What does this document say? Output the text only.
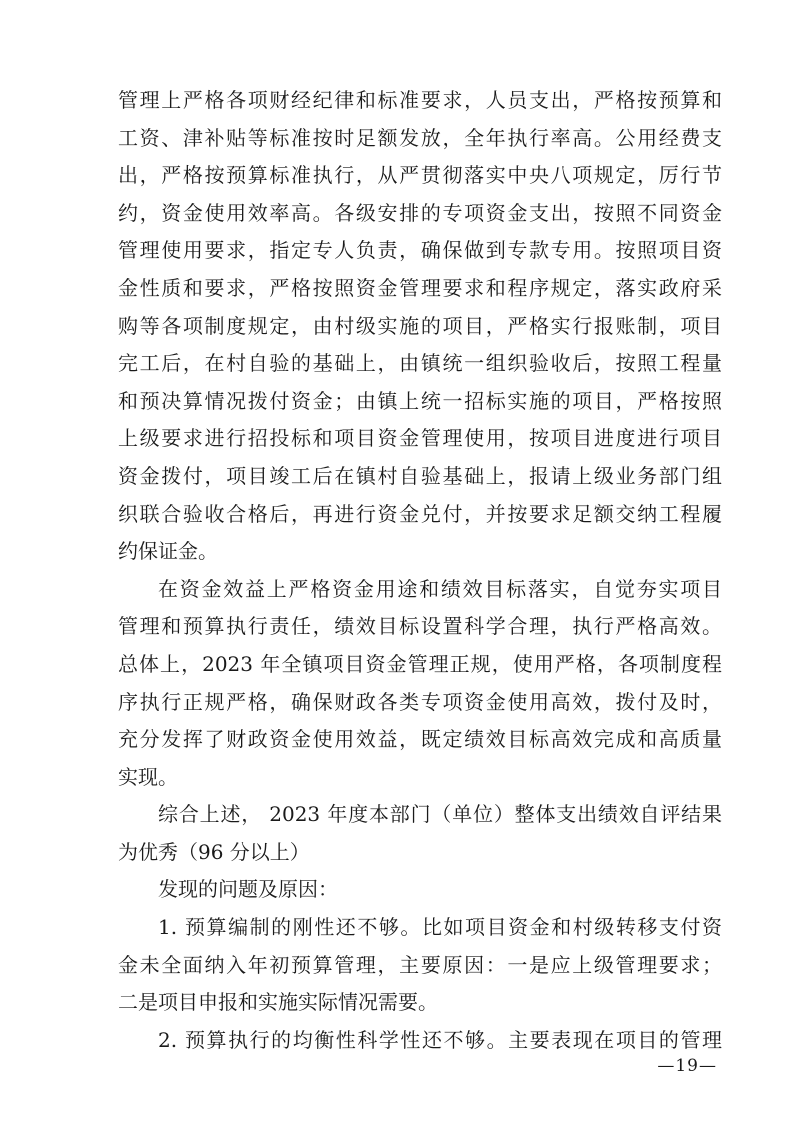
管理上严格各项财经纪律和标准要求，人员支出，严格按预算和
工资、津补贴等标准按时足额发放，全年执行率高。公用经费支
出，严格按预算标准执行，从严贯彻落实中央八项规定，厉行节
约，资金使用效率高。各级安排的专项资金支出，按照不同资金
管理使用要求，指定专人负责，确保做到专款专用。按照项目资
金性质和要求，严格按照资金管理要求和程序规定，落实政府采
购等各项制度规定，由村级实施的项目，严格实行报账制，项目
完工后，在村自验的基础上，由镇统一组织验收后，按照工程量
和预决算情况拨付资金；由镇上统一招标实施的项目，严格按照
上级要求进行招投标和项目资金管理使用，按项目进度进行项目
资金拨付，项目竣工后在镇村自验基础上，报请上级业务部门组
织联合验收合格后，再进行资金兑付，并按要求足额交纳工程履
约保证金。
在资金效益上严格资金用途和绩效目标落实，自觉夯实项目
管理和预算执行责任，绩效目标设置科学合理，执行严格高效。
总体上，2023 年全镇项目资金管理正规，使用严格，各项制度程
序执行正规严格，确保财政各类专项资金使用高效，拨付及时，
充分发挥了财政资金使用效益，既定绩效目标高效完成和高质量
实现。
综合上述， 2023 年度本部门（单位）整体支出绩效自评结果
为优秀（96 分以上）
发现的问题及原因：
1. 预算编制的刚性还不够。比如项目资金和村级转移支付资
金未全面纳入年初预算管理，主要原因：一是应上级管理要求；
二是项目申报和实施实际情况需要。
2. 预算执行的均衡性科学性还不够。主要表现在项目的管理
—19—
